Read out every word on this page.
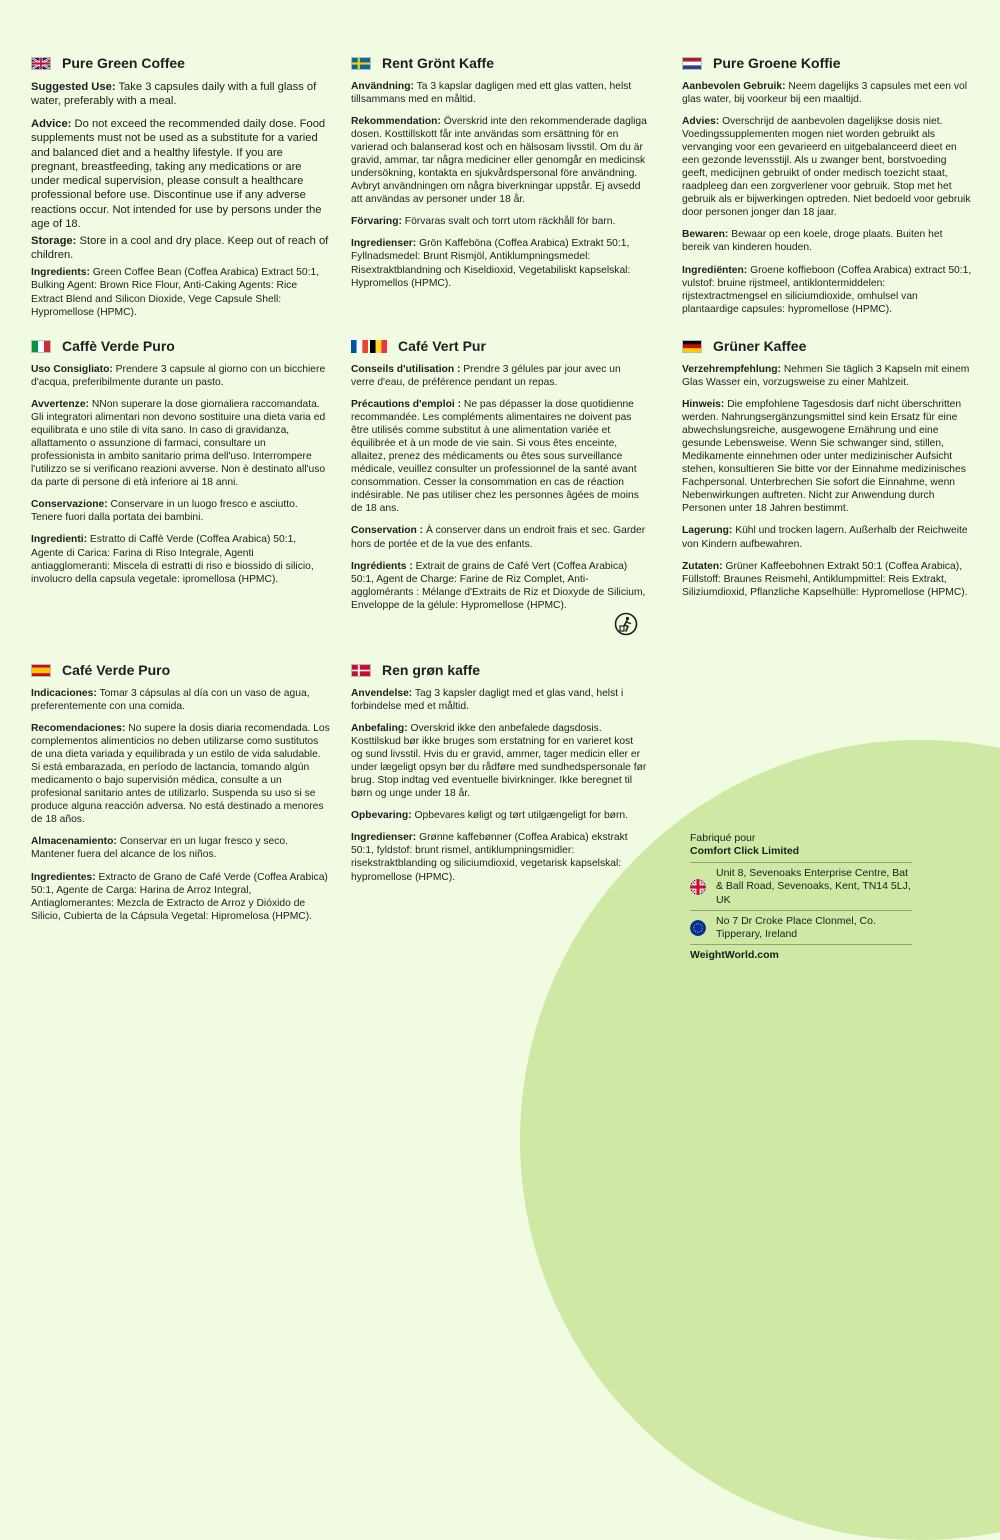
Pure Green Coffee

Suggested Use: Take 3 capsules daily with a full glass of water, preferably with a meal.

Advice: Do not exceed the recommended daily dose. Food supplements must not be used as a substitute for a varied and balanced diet and a healthy lifestyle. If you are pregnant, breastfeeding, taking any medications or are under medical supervision, please consult a healthcare professional before use. Discontinue use if any adverse reactions occur. Not intended for use by persons under the age of 18.

Storage: Store in a cool and dry place. Keep out of reach of children.

Ingredients: Green Coffee Bean (Coffea Arabica) Extract 50:1, Bulking Agent: Brown Rice Flour, Anti-Caking Agents: Rice Extract Blend and Silicon Dioxide, Vege Capsule Shell: Hypromellose (HPMC).

Caffè Verde Puro

Uso Consigliato: Prendere 3 capsule al giorno con un bicchiere d'acqua, preferibilmente durante un pasto.

Avvertenze: NNon superare la dose giornaliera raccomandata. Gli integratori alimentari non devono sostituire una dieta varia ed equilibrata e uno stile di vita sano. In caso di gravidanza, allattamento o assunzione di farmaci, consultare un professionista in ambito sanitario prima dell'uso. Interrompere l'utilizzo se si verificano reazioni avverse. Non è destinato all'uso da parte di persone di età inferiore ai 18 anni.

Conservazione: Conservare in un luogo fresco e asciutto. Tenere fuori dalla portata dei bambini.

Ingredienti: Estratto di Caffè Verde (Coffea Arabica) 50:1, Agente di Carica: Farina di Riso Integrale, Agenti antiagglomeranti: Miscela di estratti di riso e biossido di silicio, involucro della capsula vegetale: ipromellosa (HPMC).

Café Verde Puro

Indicaciones: Tomar 3 cápsulas al día con un vaso de agua, preferentemente con una comida.

Recomendaciones: No supere la dosis diaria recomendada. Los complementos alimenticios no deben utilizarse como sustitutos de una dieta variada y equilibrada y un estilo de vida saludable. Si está embarazada, en período de lactancia, tomando algún medicamento o bajo supervisión médica, consulte a un profesional sanitario antes de utilizarlo. Suspenda su uso si se produce alguna reacción adversa. No está destinado a menores de 18 años.

Almacenamiento: Conservar en un lugar fresco y seco. Mantener fuera del alcance de los niños.

Ingredientes: Extracto de Grano de Café Verde (Coffea Arabica) 50:1, Agente de Carga: Harina de Arroz Integral, Antiaglomerantes: Mezcla de Extracto de Arroz y Dióxido de Silicio, Cubierta de la Cápsula Vegetal: Hipromelosa (HPMC).

Rent Grönt Kaffe

Användning: Ta 3 kapslar dagligen med ett glas vatten, helst tillsammans med en måltid.

Rekommendation: Överskrid inte den rekommenderade dagliga dosen. Kosttillskott får inte användas som ersättning för en varierad och balanserad kost och en hälsosam livsstil. Om du är gravid, ammar, tar några mediciner eller genomgår en medicinsk undersökning, kontakta en sjukvårdspersonal före användning. Avbryt användningen om några biverkningar uppstår. Ej avsedd att användas av personer under 18 år.

Förvaring: Förvaras svalt och torrt utom räckhåll för barn.

Ingredienser: Grön Kaffeböna (Coffea Arabica) Extrakt 50:1, Fyllnadsmedel: Brunt Rismjöl, Antiklumpningsmedel: Risextraktblandning och Kiseldioxid, Vegetabiliskt kapselskal: Hypromellos (HPMC).

Café Vert Pur

Conseils d'utilisation : Prendre 3 gélules par jour avec un verre d'eau, de préférence pendant un repas.

Précautions d'emploi : Ne pas dépasser la dose quotidienne recommandée. Les compléments alimentaires ne doivent pas être utilisés comme substitut à une alimentation variée et équilibrée et à un mode de vie sain. Si vous êtes enceinte, allaitez, prenez des médicaments ou êtes sous surveillance médicale, veuillez consulter un professionnel de la santé avant consommation. Cesser la consommation en cas de réaction indésirable. Ne pas utiliser chez les personnes âgées de moins de 18 ans.

Conservation : À conserver dans un endroit frais et sec. Garder hors de portée et de la vue des enfants.

Ingrédients : Extrait de grains de Café Vert (Coffea Arabica) 50:1, Agent de Charge: Farine de Riz Complet, Anti-agglomérants : Mélange d'Extraits de Riz et Dioxyde de Silicium, Enveloppe de la gélule: Hypromellose (HPMC).

Ren grøn kaffe

Anvendelse: Tag 3 kapsler dagligt med et glas vand, helst i forbindelse med et måltid.

Anbefaling: Overskrid ikke den anbefalede dagsdosis. Kosttilskud bør ikke bruges som erstatning for en varieret kost og sund livsstil. Hvis du er gravid, ammer, tager medicin eller er under lægeligt opsyn bør du rådføre med sundhedspersonale før brug. Stop indtag ved eventuelle bivirkninger. Ikke beregnet til børn og unge under 18 år.

Opbevaring: Opbevares køligt og tørt utilgængeligt for børn.

Ingredienser: Grønne kaffebønner (Coffea Arabica) ekstrakt 50:1, fyldstof: brunt rismel, antiklumpningsmidler: risekstraktblanding og siliciumdioxid, vegetarisk kapselskal: hypromellose (HPMC).

Pure Groene Koffie

Aanbevolen Gebruik: Neem dagelijks 3 capsules met een vol glas water, bij voorkeur bij een maaltijd.

Advies: Overschrijd de aanbevolen dagelijkse dosis niet. Voedingssupplementen mogen niet worden gebruikt als vervanging voor een gevarieerd en uitgebalanceerd dieet en een gezonde levensstijl. Als u zwanger bent, borstvoeding geeft, medicijnen gebruikt of onder medisch toezicht staat, raadpleeg dan een zorgverlener voor gebruik. Stop met het gebruik als er bijwerkingen optreden. Niet bedoeld voor gebruik door personen jonger dan 18 jaar.

Bewaren: Bewaar op een koele, droge plaats. Buiten het bereik van kinderen houden.

Ingrediënten: Groene koffieboon (Coffea Arabica) extract 50:1, vulstof: bruine rijstmeel, antiklontermiddelen: rijstextractmengsel en siliciumdioxide, omhulsel van plantaardige capsules: hypromellose (HPMC).

Grüner Kaffee

Verzehrempfehlung: Nehmen Sie täglich 3 Kapseln mit einem Glas Wasser ein, vorzugsweise zu einer Mahlzeit.

Hinweis: Die empfohlene Tagesdosis darf nicht überschritten werden. Nahrungsergänzungsmittel sind kein Ersatz für eine abwechslungsreiche, ausgewogene Ernährung und eine gesunde Lebensweise. Wenn Sie schwanger sind, stillen, Medikamente einnehmen oder unter medizinischer Aufsicht stehen, konsultieren Sie bitte vor der Einnahme medizinisches Fachpersonal. Unterbrechen Sie sofort die Einnahme, wenn Nebenwirkungen auftreten. Nicht zur Anwendung durch Personen unter 18 Jahren bestimmt.

Lagerung: Kühl und trocken lagern. Außerhalb der Reichweite von Kindern aufbewahren.

Zutaten: Grüner Kaffeebohnen Extrakt 50:1 (Coffea Arabica), Füllstoff: Braunes Reismehl, Antiklumpmittel: Reis Extrakt, Siliziumdioxid, Pflanzliche Kapselhülle: Hypromellose (HPMC).

Fabriqué pour
Comfort Click Limited
Unit 8, Sevenoaks Enterprise Centre, Bat & Ball Road, Sevenoaks, Kent, TN14 5LJ, UK
No 7 Dr Croke Place Clonmel, Co. Tipperary, Ireland
WeightWorld.com
